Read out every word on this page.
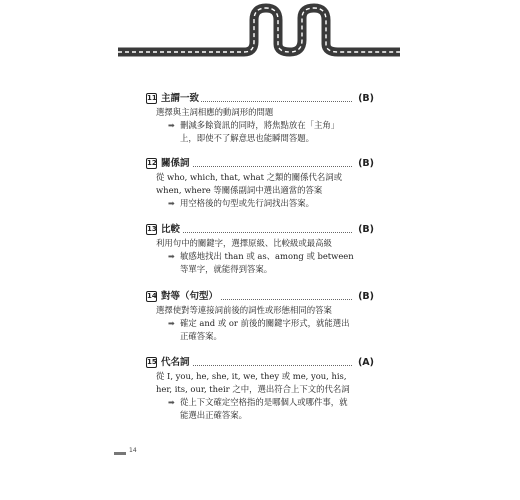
11 主謂一致	(B)
選擇與主詞相應的動詞形的問題
➡ 刪減多餘資訊的同時，將焦點放在「主角」
上，即使不了解意思也能瞬間答題。
12 關係詞	(B)
從 who, which, that, what 之類的關係代名詞或
when, where 等關係副詞中選出適當的答案
➡ 用空格後的句型或先行詞找出答案。
13 比較	(B)
利用句中的關鍵字，選擇原級、比較級或最高級
➡ 敏感地找出 than 或 as、among 或 between
等單字，就能得到答案。
14 對等（句型）	(B)
選擇使對等連接詞前後的詞性或形態相同的答案
➡ 確定 and 或 or 前後的關鍵字形式，就能選出
正確答案。
15 代名詞	(A)
從 I, you, he, she, it, we, they 或 me, you, his,
her, its, our, their 之中，選出符合上下文的代名詞
➡ 從上下文確定空格指的是哪個人或哪件事，就
能選出正確答案。
14
